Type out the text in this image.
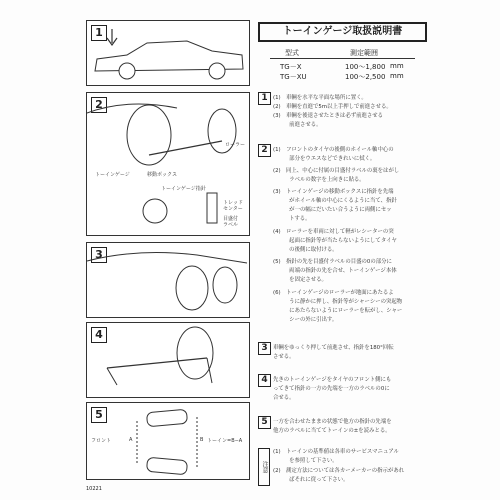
1
2
ローラー
トーインゲージ	移動ボックス
トーインゲージ指針
トレッド
センター
目盛付
ラベル
3
4
5
フロント	A	B トーイン=B−A
トーインゲージ取扱説明書
型式	測定範囲
TG－X	100～1,800 mm
TG－XU	100～2,500 mm
1 (1)　車輌を水平な平面な場所に置く。
(2)　車輌を直進で5m以上手押しで前進させる。
(3)　車輌を後退させたときは必ず前進させる
　　　前進させる。
2 (1)　フロントのタイヤの後側のホイール軸中心の
　　　部分をウエスなどできれいに拭く。
(2)　同上、中心に付属の目盛付ラベルの裏をはがし
　　　ラベルの数字を上向きに貼る。
(3)　トーインゲージの移動ボックスに指針を先端
　　　がホイール軸の中心にくるように当て、指針
　　　が一の幅にだいたい合うように両側にセッ
　　　トする。
(4)　ローラーを車両に対して軽がレシーターの突
　　　起面に指針等が当たらないようにしてタイヤ
　　　の後側に取付ける。
(5)　指針の先を目盛付ラベルの目盛の0の部分に
　　　両端の指針の先を合せ、トーインゲージ本体
　　　を固定させる。
(6)　トーインゲージのローラーが地面にあたるよ
　　　うに静かに押し、指針等がシャーシーの突起物
　　　にあたらないようにローラーを転がし、シャー
　　　シーの外に引出す。
3 車輌をゆっくり押して前進させ、指針を180°回転
させる。
4 先きのトーインゲージをタイヤのフロント側にも
ってきて指針の一方の先端を一方のラベルの0に
合せる。
5 一方を合わせたままの状態で他方の指針の先端を
他方のラベルに当ててトーインの±を読みとる。
注意
(1)　トーインの基準値は各車のサービスマニュアル
　　　を参照して下さい。
(2)　測定方法については各カーメーカーの指示があれ
　　　ばそれに従って下さい。
10221
